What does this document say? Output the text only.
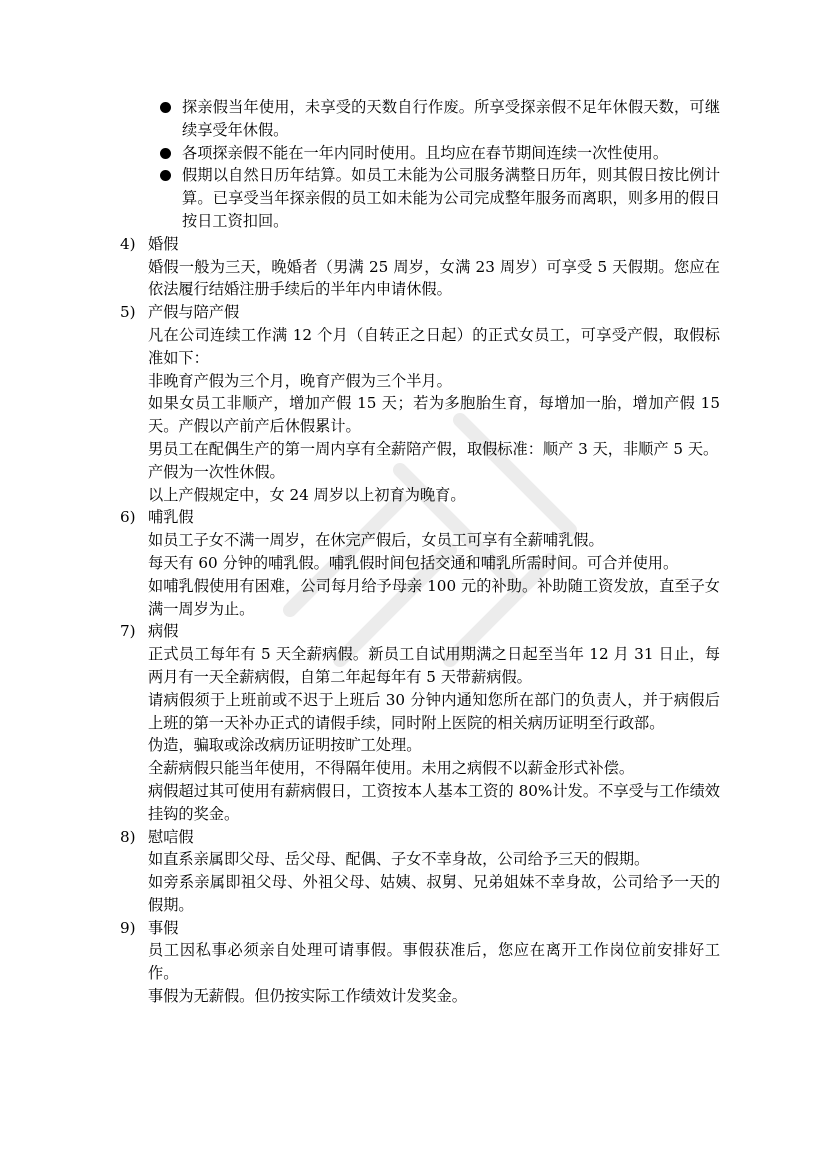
探亲假当年使用，未享受的天数自行作废。所享受探亲假不足年休假天数，可继续享受年休假。
各项探亲假不能在一年内同时使用。且均应在春节期间连续一次性使用。
假期以自然日历年结算。如员工未能为公司服务满整日历年，则其假日按比例计算。已享受当年探亲假的员工如未能为公司完成整年服务而离职，则多用的假日按日工资扣回。
4) 婚假

婚假一般为三天，晚婚者（男满 25 周岁，女满 23 周岁）可享受 5 天假期。您应在依法履行结婚注册手续后的半年内申请休假。

5) 产假与陪产假

凡在公司连续工作满 12 个月（自转正之日起）的正式女员工，可享受产假，取假标准如下：

非晚育产假为三个月，晚育产假为三个半月。

如果女员工非顺产，增加产假 15 天；若为多胞胎生育，每增加一胎，增加产假 15 天。产假以产前产后休假累计。

男员工在配偶生产的第一周内享有全薪陪产假，取假标准：顺产 3 天，非顺产 5 天。

产假为一次性休假。

以上产假规定中，女 24 周岁以上初育为晚育。

6) 哺乳假

如员工子女不满一周岁，在休完产假后，女员工可享有全薪哺乳假。

每天有 60 分钟的哺乳假。哺乳假时间包括交通和哺乳所需时间。可合并使用。

如哺乳假使用有困难，公司每月给予母亲 100 元的补助。补助随工资发放，直至子女满一周岁为止。

7) 病假

正式员工每年有 5 天全薪病假。新员工自试用期满之日起至当年 12 月 31 日止，每两月有一天全薪病假，自第二年起每年有 5 天带薪病假。

请病假须于上班前或不迟于上班后 30 分钟内通知您所在部门的负责人，并于病假后上班的第一天补办正式的请假手续，同时附上医院的相关病历证明至行政部。

伪造，骗取或涂改病历证明按旷工处理。

全薪病假只能当年使用，不得隔年使用。未用之病假不以薪金形式补偿。

病假超过其可使用有薪病假日，工资按本人基本工资的 80%计发。不享受与工作绩效挂钩的奖金。

8) 慰唁假

如直系亲属即父母、岳父母、配偶、子女不幸身故，公司给予三天的假期。

如旁系亲属即祖父母、外祖父母、姑姨、叔舅、兄弟姐妹不幸身故，公司给予一天的假期。

9) 事假

员工因私事必须亲自处理可请事假。事假获准后，您应在离开工作岗位前安排好工作。

事假为无薪假。但仍按实际工作绩效计发奖金。
